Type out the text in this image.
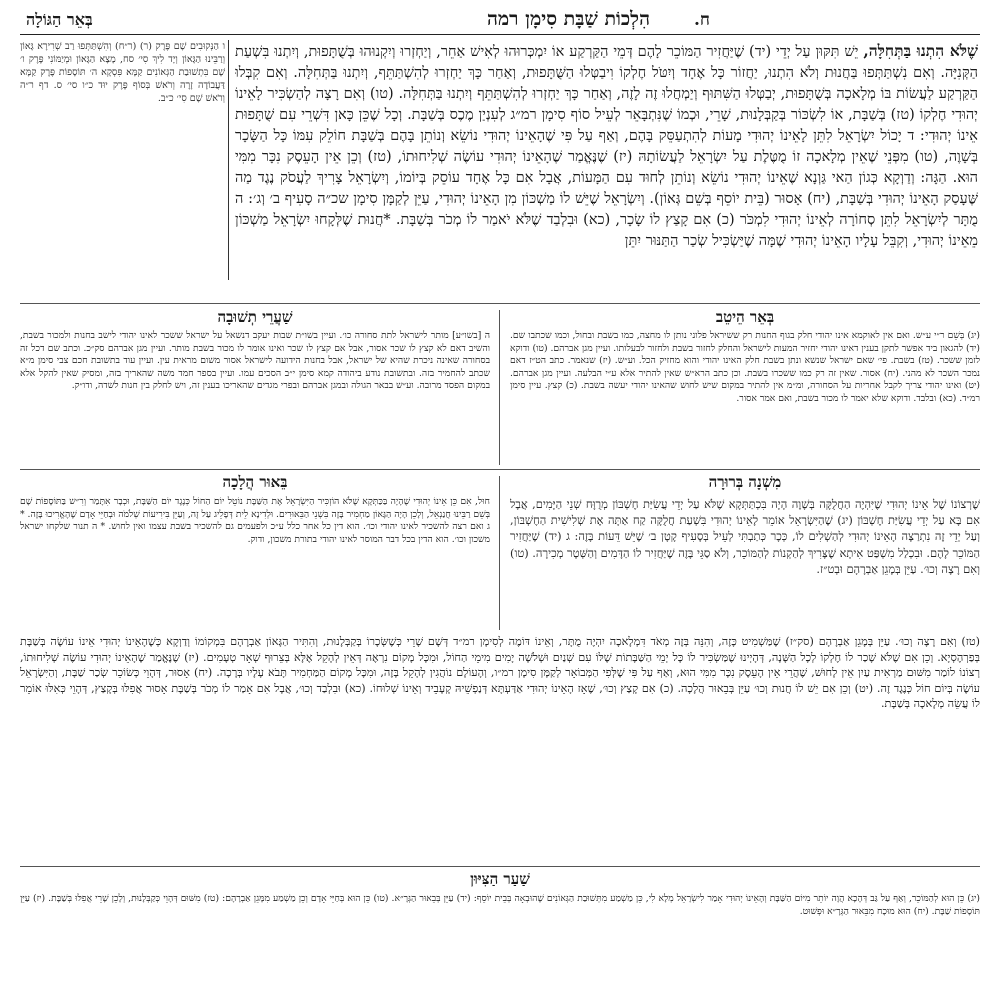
הִלְכוֹת שַׁבָּת סִימָן רמה	ח.
בְּאֵר הַגּוֹלָה

שֶׁלֹּא הִתְנוּ בַּתְּחִלָּה, יֵשׁ תִּקּוּן עַל יְדֵי (יד) שֶׁיַּחֲזִיר הַמּוֹכֵר לָהֶם דְּמֵי הַקַּרְקַע אוֹ יִמְכְּרוּהוּ לְאִישׁ אַחֵר, וְיַחְזְרוּ וְיִקְנוּהוּ בְּשֻׁתָּפוּת, וְיִתְנוּ בִּשְׁעַת הַקְּנִיָּה. וְאִם נִשְׁתַּתְּפוּ בַּחֲנוּת וְלֹא הִתְנוּ, יַחֲזוֹר כָּל אֶחָד וְיִטֹּל חֶלְקוֹ וִיבַטְּלוּ הַשֻּׁתָּפוּת, וְאַחַר כָּךְ יַחְזְרוּ לְהִשְׁתַּתֵּף, וְיִתְנוּ בַּתְּחִלָּה. וְאִם קִבְּלוּ הַקַּרְקַע לַעֲשׂוֹת בּוֹ מְלָאכָה בְּשֻׁתָּפוּת, יְבַטְּלוּ הַשִּׁתּוּף וְיַמְחֲלוּ זֶה לָזֶה, וְאַחַר כָּךְ יַחְזְרוּ לְהִשְׁתַּתֵּף וְיִתְנוּ בַּתְּחִלָּה. (טו) וְאִם רָצָה לְהַשְׂכִּיר לָאֵינוֹ יְהוּדִי חֶלְקוֹ (טז) בְּשַׁבָּת, אוֹ לִשְׂכּוֹר בְּקַבְּלָנוּת, שָׁרֵי, וּכְמוֹ שֶׁנִּתְבָּאֵר לְעֵיל סוֹף סִימָן רמ״ג לְעִנְיַן מֶכֶס בְּשַׁבָּת. וְכָל שֶׁכֵּן כָּאן דִּשְׁרֵי עִם שֻׁתָּפוּת אֵינוֹ יְהוּדִי: ד יָכוֹל יִשְׂרָאֵל לִתֵּן לָאֵינוֹ יְהוּדִי מָעוֹת לְהִתְעַסֵּק בָּהֶם, וְאַף עַל פִּי שֶׁהָאֵינוֹ יְהוּדִי נוֹשֵׂא וְנוֹתֵן בָּהֶם בְּשַׁבָּת חוֹלֵק עִמּוֹ כָּל הַשָּׂכָר בְּשָׁוֶה, (טו) מִפְּנֵי שֶׁאֵין מְלָאכָה זוֹ מֻטֶּלֶת עַל יִשְׂרָאֵל לַעֲשׂוֹתָהּ (יז) שֶׁנֶּאֱמַר שֶׁהָאֵינוֹ יְהוּדִי עוֹשֶׂה שְׁלִיחוּתוֹ, (טז) וְכֵן אֵין הָעֵסֶק נִכָּר מִמִּי הוּא. הַגָּה: וְדַוְקָא כְּגוֹן הַאי גַּוְנָא שֶׁאֵינוֹ יְהוּדִי נוֹשֵׂא וְנוֹתֵן לְחוּד עִם הַמָּעוֹת, אֲבָל אִם כָּל אֶחָד עוֹסֵק בְּיוֹמוֹ, וְיִשְׂרָאֵל צָרִיךְ לַעֲסֹק נֶגֶד מַה שֶּׁעָסַק הָאֵינוֹ יְהוּדִי בְּשַׁבָּת, (יח) אָסוּר (בֵּית יוֹסֵף בְּשֵׁם גְּאוֹן). וְיִשְׂרָאֵל שֶׁיֵּשׁ לוֹ מַשְׁכּוֹן מִן הָאֵינוֹ יְהוּדִי, עַיֵּן לְקַמָּן סִימָן שכ״ה סָעִיף ב׳ וְג׳: ה מֻתָּר לְיִשְׂרָאֵל לִתֵּן סְחוֹרָה לְאֵינוֹ יְהוּדִי לִמְכֹּר (כ) אִם קָצַץ לוֹ שָׂכָר, (כא) וּבִלְבַד שֶׁלֹּא יֹאמַר לוֹ מְכֹר בְּשַׁבָּת. *חֲנוּת שֶׁלְּקָחוּ יִשְׂרָאֵל מַשְׁכּוֹן מֵאֵינוֹ יְהוּדִי, וְקִבֵּל עָלָיו הָאֵינוֹ יְהוּדִי שֶׁמָּה שֶׁיַּשְׂכִּיל שְׂכַר הַתַּנּוּר יִתֵּן

ו הַנְּקוּבִים שָׁם פֶּרֶק (ר) (ר״ח) וְהִשְׁתַּתְּפוּ רַב שְׁרִירָא גָּאוֹן וְרַבֵּינוּ הַגָּאוֹן וְיָד לִיךְ סִי׳ סח, מָצָא הַגָּאוֹן וּמְיַמּוֹנִי פֶּרֶק ו׳ שָׁם בִּתְשׁוּבַת הַגְּאוֹנִים קַמָּא פִּסְקָא ה׳ תּוֹסָפוֹת פֶּרֶק קַמָּא דַּעֲבוֹדָה זָרָה וְרֹאשׁ בְּסוֹף פֶּרֶק יוּד כ״ו סי׳ ס. דף ר״ה וְרֹאשׁ שָׁם סִי׳ כ״ב.
בְּאֵר הֵיטֵב
שַׁעֲרֵי תְשׁוּבָה
(יג) בְּשֵׁם ר״י ע״ש. ואם אין לאוקמא אינו יהודי חלק בגוף החנות רק ששיראל פלוני נותן לו מחצה, כמו בשבת ובחול, וכמו שכתבו שם. (יד) להגאון ביד אפשר לתקן בענין דאינו יהודי יחזיר המעות לישראל והחלק לחזור בשבת ולחזור לבעלותו. ועיין מגן אברהם. (טו) ודוקא לזמן ששכר. (טז) בשבת. פי׳ שאם ישראל שנשא ונתן בשבת חלק האינו יהודי והוא מחזיק הכל. וע״ש. (יז) שנאמר. כתב הט״ז דאם נמכר השכר לא מהני. (יח) אסור. שאין זה רק כמו ששכרו בשבת. וכן כתב הרא״ש שאין להתיר אלא ע״י הבלעה. ועיין מגן אברהם. (יט) ואינו יהודי צריך לקבל אחריות על הסחורה, ומ״מ אין להתיר במקום שיש לחוש שהאינו יהודי יעשה בשבת. (כ) קצץ. עיין סימן רמ״ד. (כא) ובלבד. ודוקא שלא יאמר לו מכור בשבת, ואם אמר אסור.
ה [בשו״ע] מותר לישראל לתת סחורה כו׳. ועיין בשו״ת שבות יעקב דנשאל על ישראל ששכר לאינו יהודי לישב בחנות ולמכור בשבת, והשיב דאם לא קצץ לו שכר אסור, אבל אם קצץ לו שכר ואינו אומר לו מכור בשבת מותר. ועיין מגן אברהם סק״כ. וכתב שם דכל זה בסחורה שאינה ניכרת שהיא של ישראל, אבל בחנות הידועה לישראל אסור משום מראית עין. ועיין עוד בתשובת חכם צבי סימן מ״א שכתב להחמיר בזה. ובתשובת נודע ביהודה קמא סימן י״ב הסכים עמו. ועיין בספר חמד משה שהאריך בזה, ומסיק שאין להקל אלא במקום הפסד מרובה. וע״ש בבאר הגולה ובמגן אברהם ובפרי מגדים שהאריכו בענין זה, ויש לחלק בין חנות לשדה, ודו״ק.
מִשְׁנָה בְּרוּרָה
בֵּאוּר הֲלָכָה
שֶׁרְצוֹנוֹ שֶׁל אֵינוֹ יְהוּדִי שֶׁיִּהְיֶה הַחֲלֻקָּה בְּשָׁוֶה הָיָה בִּכְתַּתְּקָא שֶׁלֹּא עַל יְדֵי עֲשִׂיַּת חֶשְׁבּוֹן מְרֻוָּח שְׁנֵי הַיָּמִים, אֲבָל אִם בָּא עַל יְדֵי עֲשִׂיַּת חֶשְׁבּוֹן (יג) שֶׁהַיִּשְׂרָאֵל אוֹמֵר לָאֵינוֹ יְהוּדִי בִּשְׁעַת חֲלֻקָּה קַח אַתָּה אֶת שְׁלִישִׁית הַחֶשְׁבּוֹן, וְעַל יְדֵי זֶה נִתְרַצָּה הָאֵינוֹ יְהוּדִי לְהַשְׁלִים לוֹ, כְּכָר כְּתַבְתִּי לְעֵיל בְּסָעִיף קָטָן ב׳ שֶׁיֵּשׁ דֵּעוֹת בָּזֶה: ג (יד) שֶׁיַּחֲזִיר הַמּוֹכֵר לָהֶם. וּבִכְלַל מִשְׁפַּט אִיתָא שֶׁצָּרִיךְ לְהַקְנוֹת לְהַמּוֹכֵר, וְלֹא סַגֵּי בָּזֶה שֶׁיַּחֲזִיר לוֹ הַדָּמִים וְהַשְּׁטָר מְכִירָה. (טו) וְאִם רָצָה וְכוּ׳. עַיֵּן בְּמָגֵן אַבְרָהָם וּבְט״ז.
חוּל, אִם כֵּן אֵינוֹ יְהוּדִי שֶׁהָיָה בַּכַּתְּקָא שֶׁלֹּא הוֹזְכִּיר הַיִּשְׂרָאֵל אֶת הַשַּׁבָּת נוֹטֵל יוֹם הַחוֹל כְּנֶגֶד יוֹם הַשַּׁבָּת, וּכְבָר אִתָּמַר וְרִ״ש בַּתּוֹסָפוֹת שָׁם בְּשֵׁם רַבֵּינוּ חֲנַנְאֵל, וְלָכֵן הָיָה הַגָּאוֹן מַחְמִיר בָּזֶה בִּשְׁנֵי הַבֵּאוּרִים. וּלְדִינָא לֵית דְּפָלֵיג עַל זֶה, וְעַיֵּן בִּירִיעוֹת שְׁלֹמֹה וּבְחַיֵּי אָדָם שֶׁהֶאֱרִיכוּ בָּזֶה. * ג ואם רצה להשכיר לאינו יהודי וכו׳. הוא דין כל אחר כלל ע״כ ולפעמים גם להשכיר בשבת עצמו ואין לחוש. * ה תנור שלקחו ישראל משכון וכו׳. הוא הדין בכל דבר המוסר לאינו יהודי בתורת משכון, ודוק.
(טז) וְאִם רָצָה וְכוּ׳. עַיֵּן בְּמָגֵן אַבְרָהָם (סק״ז) שֶׁמַּשְׁמִיט כָּזֶה, וְהִנֵּה בְּזֶה מְאֹד דִּמְלָאכָה יִהְיֶה מֻתָּר, וְאֵינוֹ דּוֹמֶה לְסִימָן רמ״ד דְּשָׁם שָׁרֵי כְּשֶׁשְּׂכָרוֹ בְּקַבְּלָנוּת, וְהִתִּיר הַגָּאוֹן אַבְרָהָם בִּמְקוֹמוֹ וְדַוְקָא כְּשֶׁהָאֵינוֹ יְהוּדִי אֵינוֹ עוֹשֶׂה בְּשַׁבָּת בְּפַרְהֶסְיָא. וְכֵן אִם שֶׁלֹּא שָׁכַר לוֹ חֶלְקוֹ לְכָל הַשָּׁנָה, דְּהָיְינוּ שֶׁמַּשְׂכִּיר לוֹ כָּל יְמֵי הַשַּׁבָּתוֹת שֶׁלּוֹ עִם שְׁנַיִם וּשְׁלֹשָׁה יָמִים מִימֵי הַחוֹל, וּמִכָּל מָקוֹם נִרְאֶה דְּאֵין לְהָקֵל אֶלָּא בְּצֵרוּף שְׁאָר טְעָמִים. (יז) שֶׁנֶּאֱמַר שֶׁהָאֵינוֹ יְהוּדִי עוֹשֶׂה שְׁלִיחוּתוֹ, רְצוֹנוֹ לוֹמַר מִשּׁוּם מַרְאִית עַיִן אֵין לָחוּשׁ, שֶׁהֲרֵי אֵין הָעֵסֶק נִכָּר מִמִּי הוּא, וְאַף עַל פִּי שֶׁלְּפִי הַמְּבוֹאָר לְקַמָּן סִימָן רמ״ו, וְהָעוֹלָם נוֹהֲגִין לְהָקֵל בָּזֶה, וּמִכָּל מָקוֹם הַמַּחְמִיר תָּבֹא עָלָיו בְּרָכָה. (יח) אָסוּר, דְּהָוֵי כְּשׂוֹכֵר שְׂכַר שַׁבָּת, וְהַיִּשְׂרָאֵל עוֹשֶׂה בְּיוֹם חוֹל כְּנֶגֶד זֶה. (יט) וְכֵן אִם יֵשׁ לוֹ חֲנוּת וְכוּ׳ עַיֵּן בְּבֵאוּר הֲלָכָה. (כ) אִם קָצַץ וְכוּ׳, שֶׁאָז הָאֵינוֹ יְהוּדִי אַדַּעְתָּא דְּנַפְשֵׁיהּ קָעָבֵיד וְאֵינוֹ שְׁלוּחוֹ. (כא) וּבִלְבַד וְכוּ׳, אֲבָל אִם אָמַר לוֹ מְכֹר בְּשַׁבָּת אָסוּר אֲפִלּוּ בְּקָצַץ, דְּהָוֵי כְּאִלּוּ אוֹמֵר לוֹ עֲשֵׂה מְלָאכָה בְּשַׁבָּת.
שַׁעַר הַצִּיּוּן
(יג) כֵּן הוּא לְהַמּוֹכֵר, וְאַף עַל גַּב דְּהָכָא הֲוָה יוֹתֵר מִיּוֹם הַשַּׁבָּת וְהָאֵינוֹ יְהוּדִי אָמַר לִישְׂרָאֵל מְלָא לִי, כֵּן מַשְׁמַע מִתְּשׁוּבַת הַגְּאוֹנִים שֶׁהוּבְאָה בְּבֵית יוֹסֵף: (יד) עַיֵּן בְּבֵאוּר הַגְּרָ״א. (טו) כֵּן הוּא בְּחַיֵּי אָדָם וְכֵן מַשְׁמַע מִמָּגֵן אַבְרָהָם: (טז) מִשּׁוּם דְּהָוֵי כְּקַבְּלָנוּת, וְלָכֵן שָׁרֵי אֲפִלּוּ בְּשַׁבָּת. (יז) עַיֵּן תּוֹסָפוֹת שַׁבָּת. (יח) הוּא מוּכָח מִבֵּאוּר הַגְּרָ״א וּפְשׁוּט.
